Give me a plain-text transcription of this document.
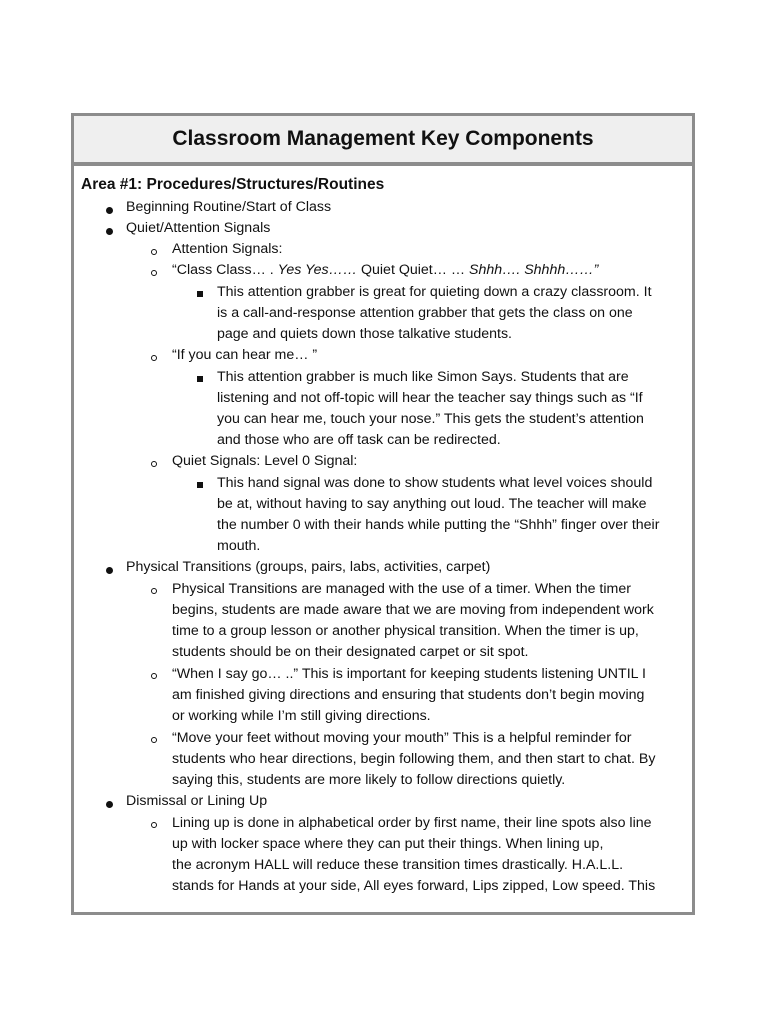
Classroom Management Key Components
Area #1: Procedures/Structures/Routines
Beginning Routine/Start of Class
Quiet/Attention Signals
Attention Signals:
“Class Class… . Yes Yes…… Quiet Quiet… … Shhh…. Shhhh……”
This attention grabber is great for quieting down a crazy classroom. It
is a call-and-response attention grabber that gets the class on one
page and quiets down those talkative students.
“If you can hear me… ”
This attention grabber is much like Simon Says. Students that are
listening and not off-topic will hear the teacher say things such as “If
you can hear me, touch your nose.” This gets the student’s attention
and those who are off task can be redirected.
Quiet Signals: Level 0 Signal:
This hand signal was done to show students what level voices should
be at, without having to say anything out loud. The teacher will make
the number 0 with their hands while putting the “Shhh” finger over their
mouth.
Physical Transitions (groups, pairs, labs, activities, carpet)
Physical Transitions are managed with the use of a timer. When the timer
begins, students are made aware that we are moving from independent work
time to a group lesson or another physical transition. When the timer is up,
students should be on their designated carpet or sit spot.
“When I say go… ..” This is important for keeping students listening UNTIL I
am finished giving directions and ensuring that students don’t begin moving
or working while I’m still giving directions.
“Move your feet without moving your mouth” This is a helpful reminder for
students who hear directions, begin following them, and then start to chat. By
saying this, students are more likely to follow directions quietly.
Dismissal or Lining Up
Lining up is done in alphabetical order by first name, their line spots also line
up with locker space where they can put their things. When lining up,
the acronym HALL will reduce these transition times drastically. H.A.L.L.
stands for Hands at your side, All eyes forward, Lips zipped, Low speed. This
